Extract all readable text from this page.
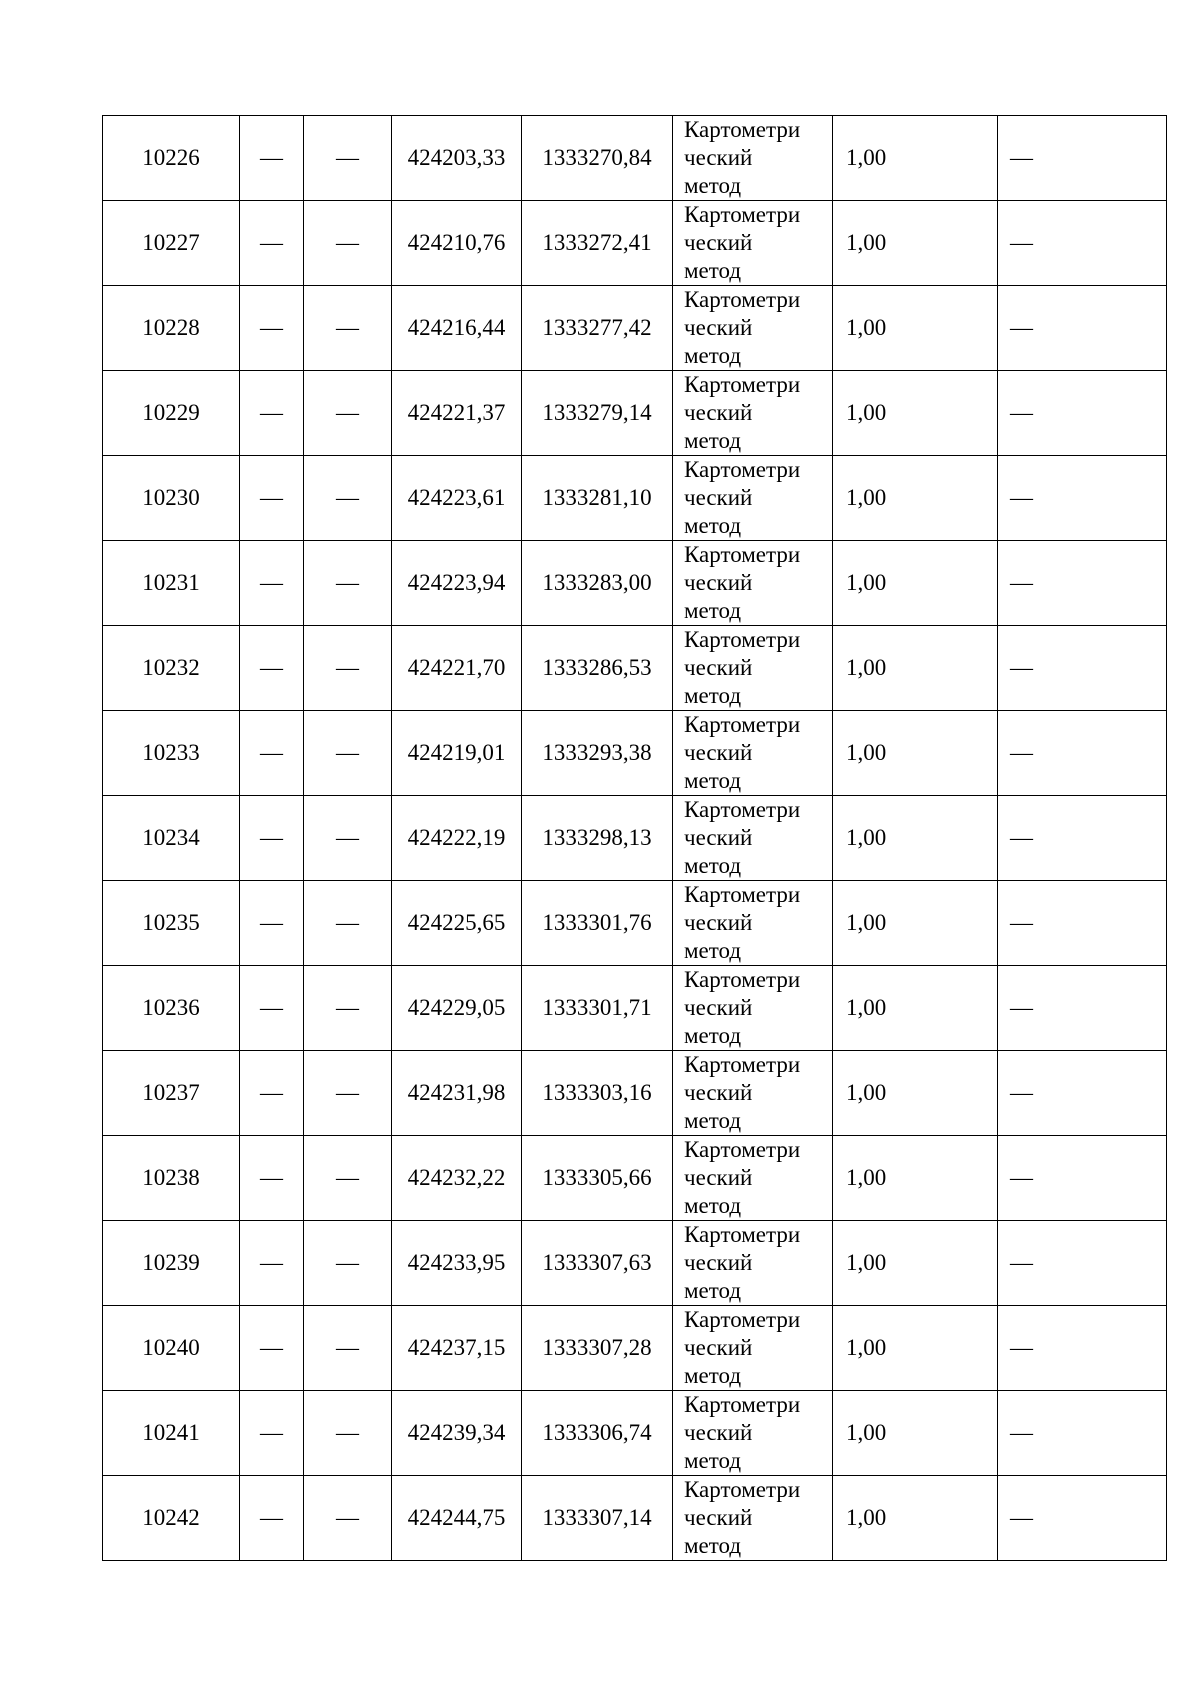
10226	—	—	424203,33	1333270,84	Картометри
ческий
метод	1,00	—
10227	—	—	424210,76	1333272,41	Картометри
ческий
метод	1,00	—
10228	—	—	424216,44	1333277,42	Картометри
ческий
метод	1,00	—
10229	—	—	424221,37	1333279,14	Картометри
ческий
метод	1,00	—
10230	—	—	424223,61	1333281,10	Картометри
ческий
метод	1,00	—
10231	—	—	424223,94	1333283,00	Картометри
ческий
метод	1,00	—
10232	—	—	424221,70	1333286,53	Картометри
ческий
метод	1,00	—
10233	—	—	424219,01	1333293,38	Картометри
ческий
метод	1,00	—
10234	—	—	424222,19	1333298,13	Картометри
ческий
метод	1,00	—
10235	—	—	424225,65	1333301,76	Картометри
ческий
метод	1,00	—
10236	—	—	424229,05	1333301,71	Картометри
ческий
метод	1,00	—
10237	—	—	424231,98	1333303,16	Картометри
ческий
метод	1,00	—
10238	—	—	424232,22	1333305,66	Картометри
ческий
метод	1,00	—
10239	—	—	424233,95	1333307,63	Картометри
ческий
метод	1,00	—
10240	—	—	424237,15	1333307,28	Картометри
ческий
метод	1,00	—
10241	—	—	424239,34	1333306,74	Картометри
ческий
метод	1,00	—
10242	—	—	424244,75	1333307,14	Картометри
ческий
метод	1,00	—
